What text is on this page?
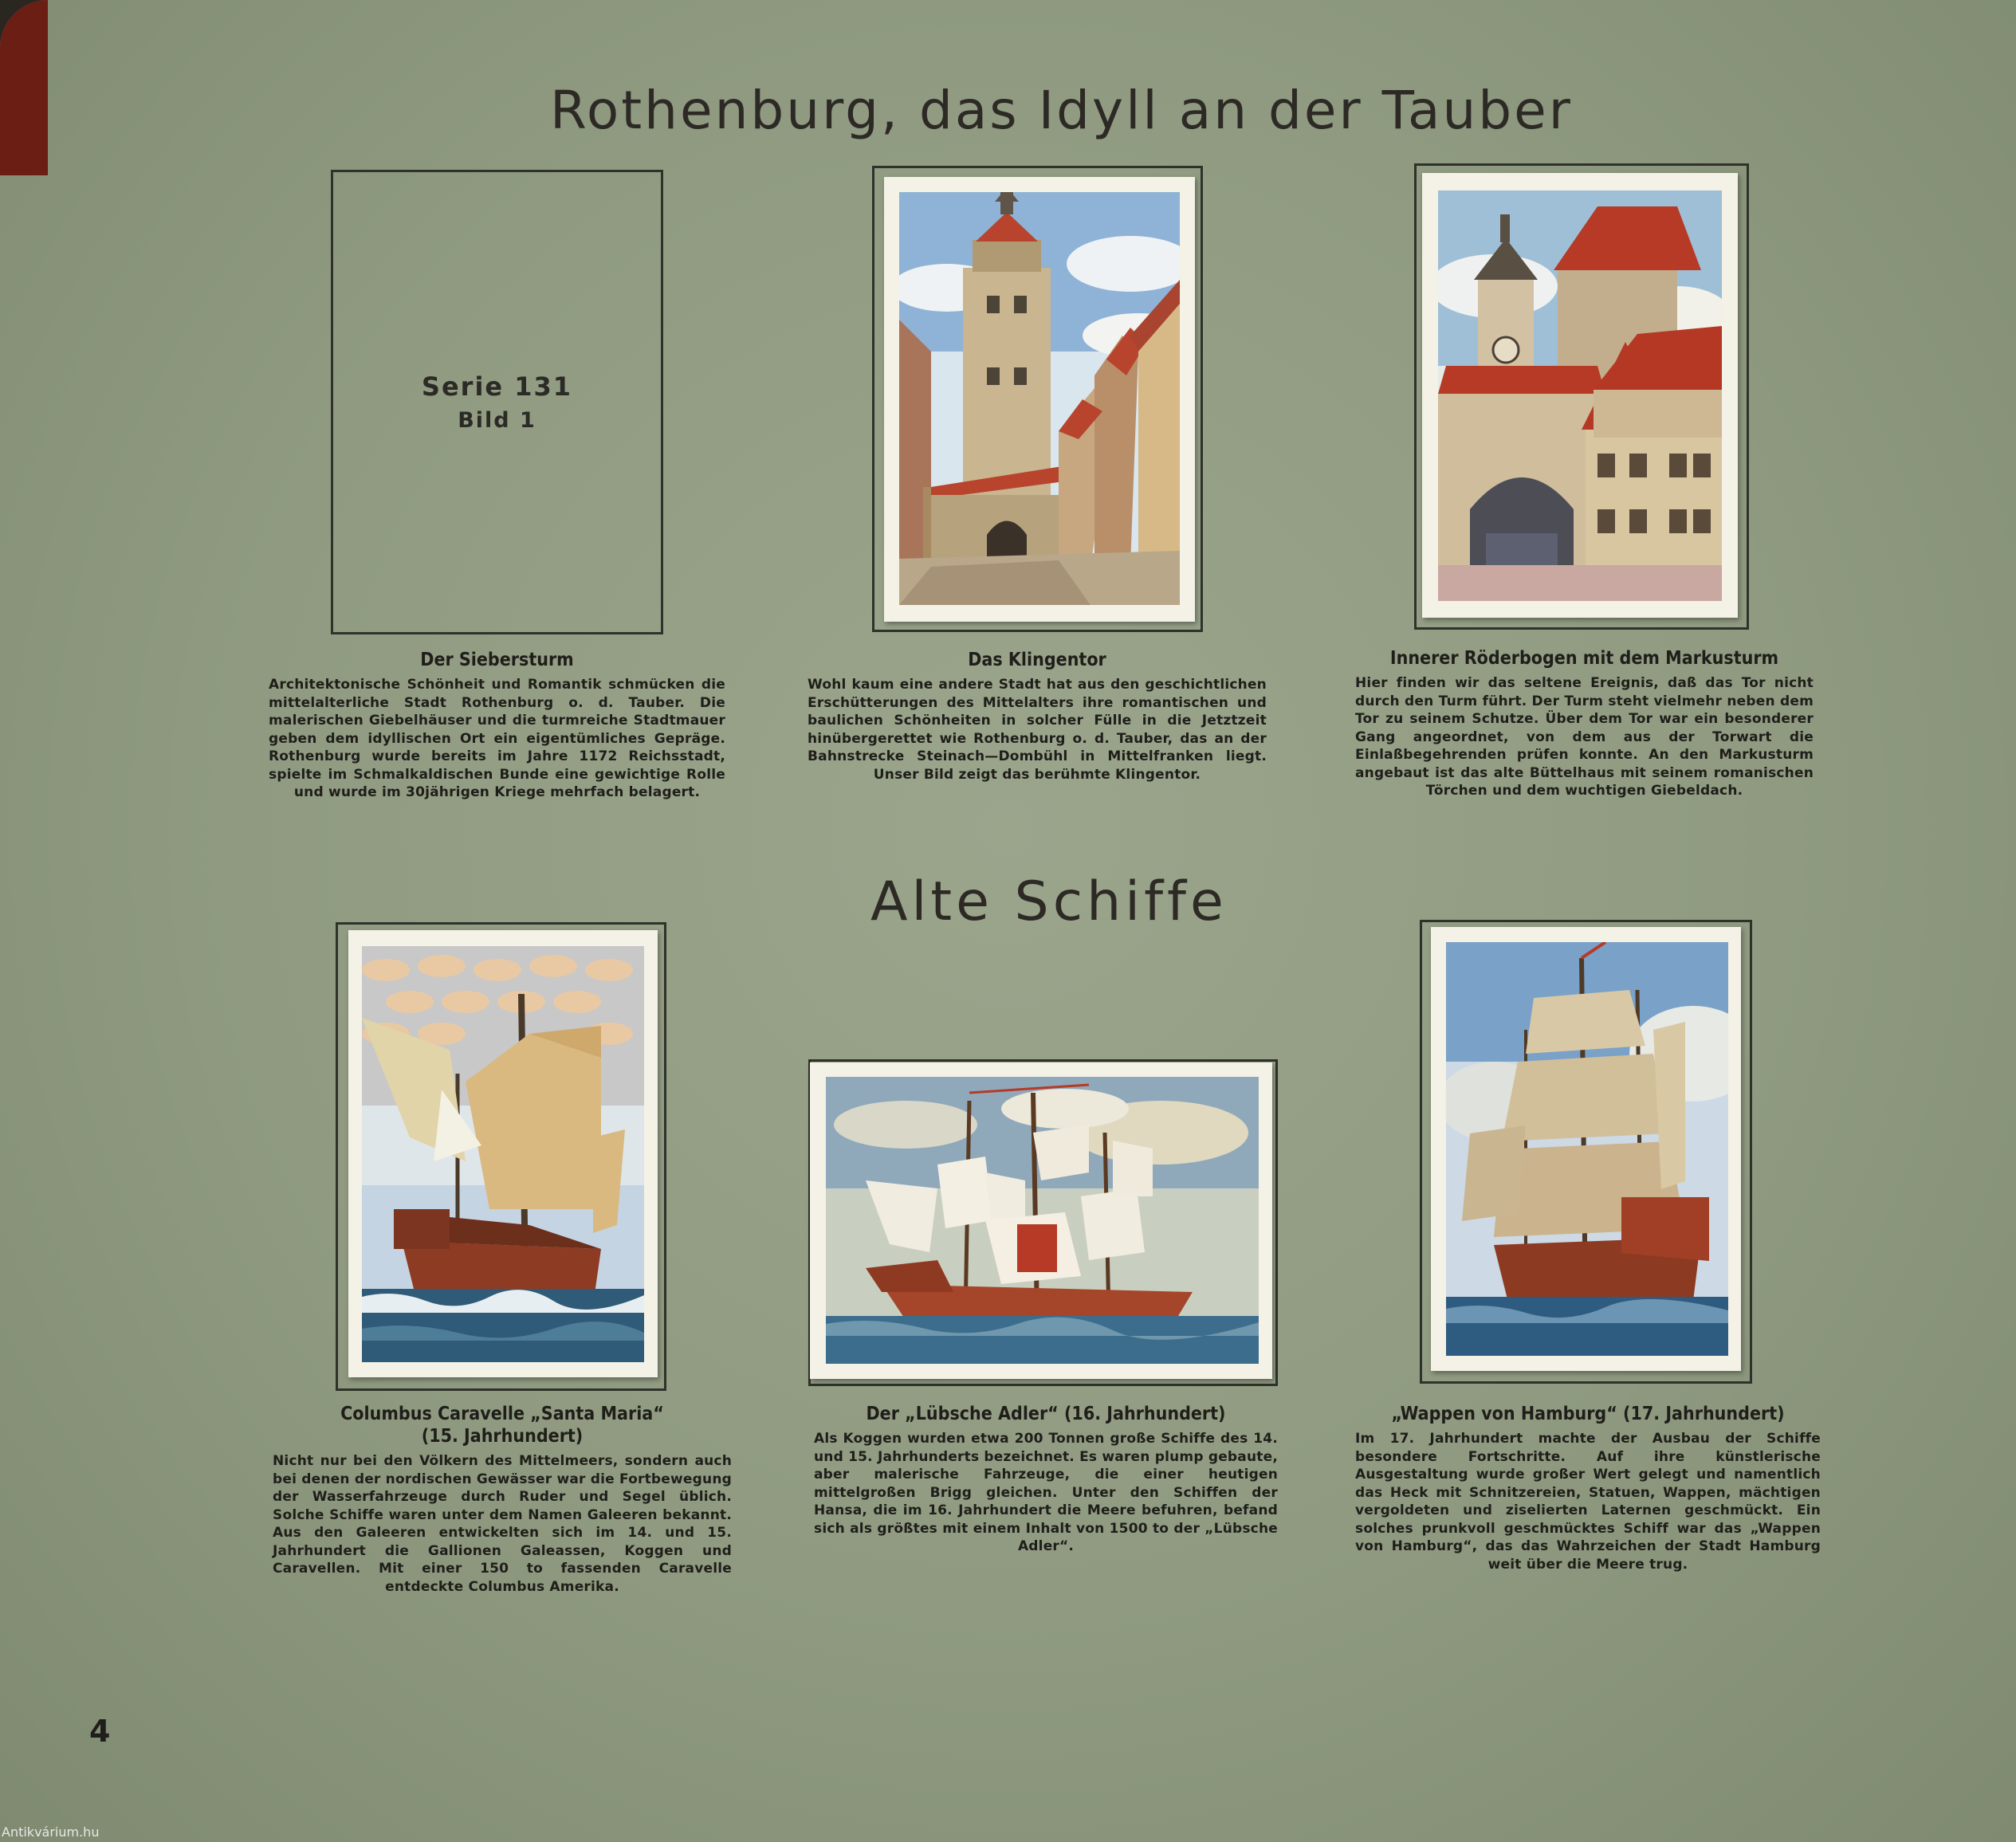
Rothenburg, das Idyll an der Tauber
Alte Schiffe
Serie 131
Bild 1
Der Siebersturm
Architektonische Schönheit und Romantik schmücken die mittelalterliche Stadt Rothenburg o. d. Tauber. Die malerischen Giebelhäuser und die turmreiche Stadtmauer geben dem idyllischen Ort ein eigentümliches Gepräge. Rothenburg wurde bereits im Jahre 1172 Reichsstadt, spielte im Schmalkaldischen Bunde eine gewichtige Rolle und wurde im 30jährigen Kriege mehrfach belagert.
Das Klingentor
Wohl kaum eine andere Stadt hat aus den geschichtlichen Erschütterungen des Mittelalters ihre romantischen und baulichen Schönheiten in solcher Fülle in die Jetztzeit hinübergerettet wie Rothenburg o. d. Tauber, das an der Bahnstrecke Steinach—Dombühl in Mittelfranken liegt. Unser Bild zeigt das berühmte Klingentor.
Innerer Röderbogen mit dem Markusturm
Hier finden wir das seltene Ereignis, daß das Tor nicht durch den Turm führt. Der Turm steht vielmehr neben dem Tor zu seinem Schutze. Über dem Tor war ein besonderer Gang angeordnet, von dem aus der Torwart die Einlaßbegehrenden prüfen konnte. An den Markusturm angebaut ist das alte Büttelhaus mit seinem romanischen Törchen und dem wuchtigen Giebeldach.
Columbus Caravelle „Santa Maria“ (15. Jahrhundert)
Nicht nur bei den Völkern des Mittelmeers, sondern auch bei denen der nordischen Gewässer war die Fortbewegung der Wasserfahrzeuge durch Ruder und Segel üblich. Solche Schiffe waren unter dem Namen Galeeren bekannt. Aus den Galeeren entwickelten sich im 14. und 15. Jahrhundert die Gallionen Galeassen, Koggen und Caravellen. Mit einer 150 to fassenden Caravelle entdeckte Columbus Amerika.
Der „Lübsche Adler“ (16. Jahrhundert)
Als Koggen wurden etwa 200 Tonnen große Schiffe des 14. und 15. Jahrhunderts bezeichnet. Es waren plump gebaute, aber malerische Fahrzeuge, die einer heutigen mittelgroßen Brigg gleichen. Unter den Schiffen der Hansa, die im 16. Jahrhundert die Meere befuhren, befand sich als größtes mit einem Inhalt von 1500 to der „Lübsche Adler“.
„Wappen von Hamburg“ (17. Jahrhundert)
Im 17. Jahrhundert machte der Ausbau der Schiffe besondere Fortschritte. Auf ihre künstlerische Ausgestaltung wurde großer Wert gelegt und namentlich das Heck mit Schnitzereien, Statuen, Wappen, mächtigen vergoldeten und ziselierten Laternen geschmückt. Ein solches prunkvoll geschmücktes Schiff war das „Wappen von Hamburg“, das das Wahrzeichen der Stadt Hamburg weit über die Meere trug.
4
Antikvárium.hu
